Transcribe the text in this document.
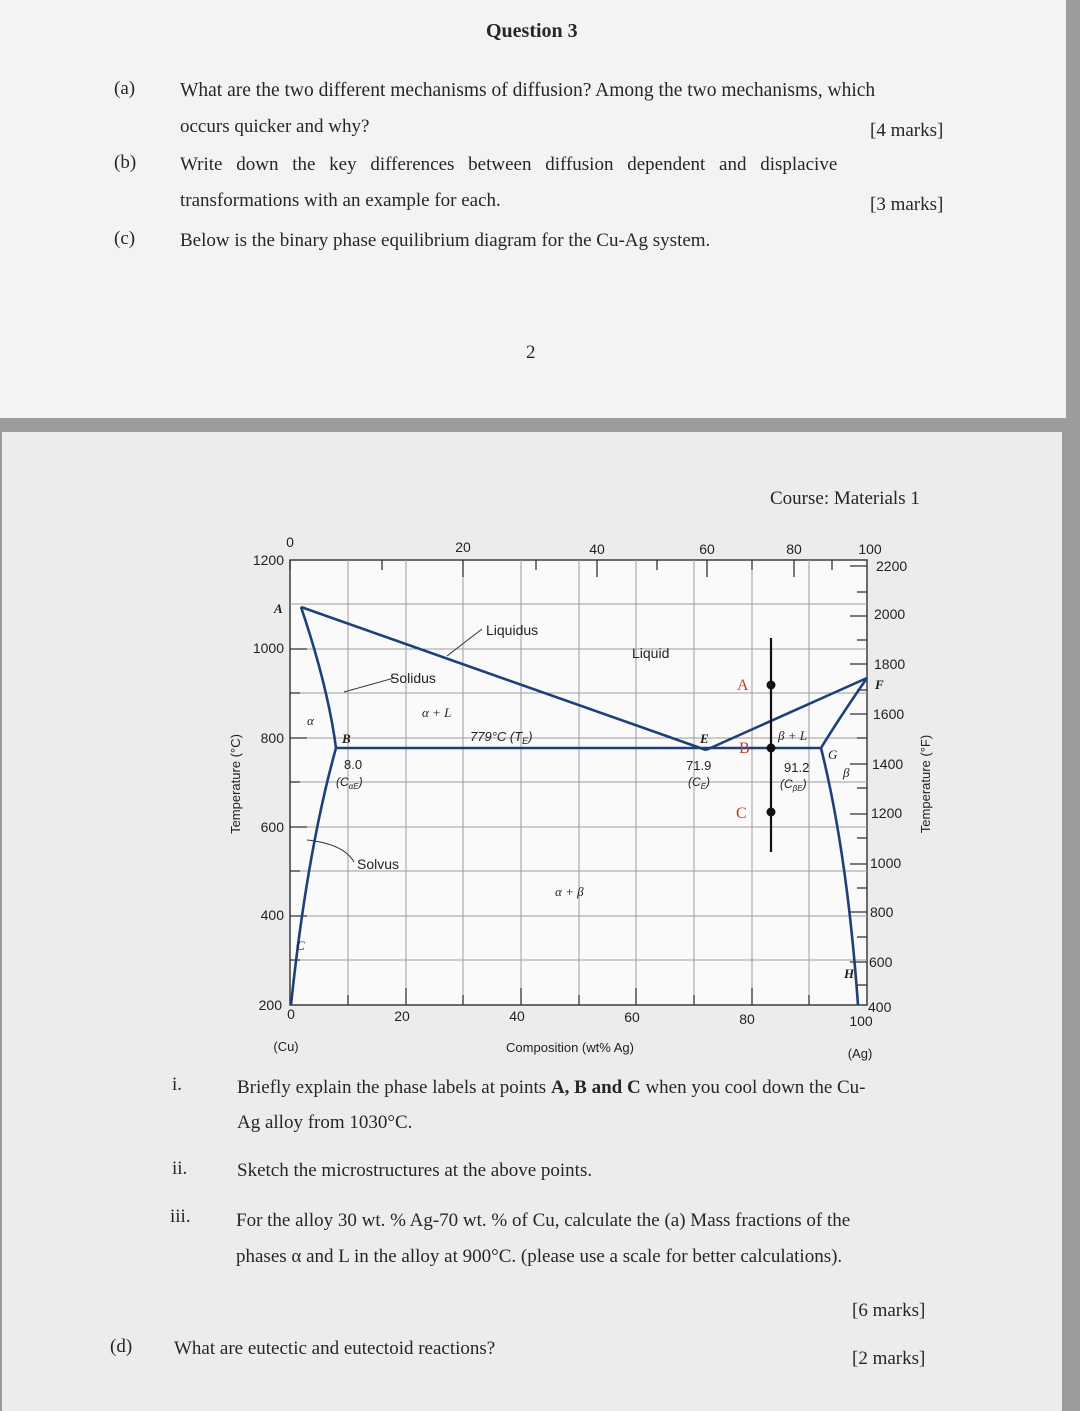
Question 3
(a) What are the two different mechanisms of diffusion? Among the two mechanisms, which
occurs quicker and why?	[4 marks]
(b) Write down the key differences between diffusion dependent and displacive
transformations with an example for each.	[3 marks]
(c) Below is the binary phase equilibrium diagram for the Cu-Ag system.
2
Course: Materials 1
0	20	40	60	80	100
0	20	40	60	80	100
1200
1000
800
600
400
200
2200
2000
1800
1600
1400
1200
1000
800
600
400
Temperature (°C)	Temperature (°F)
Composition (wt% Ag)
(Cu)	(Ag)
Liquidus
Liquid
Solidus
Solvus
α + L
β + L
α + β
α
β
779°C $(T_E)$
8.0
$(C_{\alpha E})$
71.9
$(C_E)$
91.2
$(C_{\beta E})$
A
B
C
E
F
G
H
A
B
C
i.	Briefly explain the phase labels at points A, B and C when you cool down the Cu-
Ag alloy from 1030°C.
ii.	Sketch the microstructures at the above points.
iii. For the alloy 30 wt. % Ag-70 wt. % of Cu, calculate the (a) Mass fractions of the
phases α and L in the alloy at 900°C. (please use a scale for better calculations).
[6 marks]
(d) What are eutectic and eutectoid reactions?	[2 marks]
